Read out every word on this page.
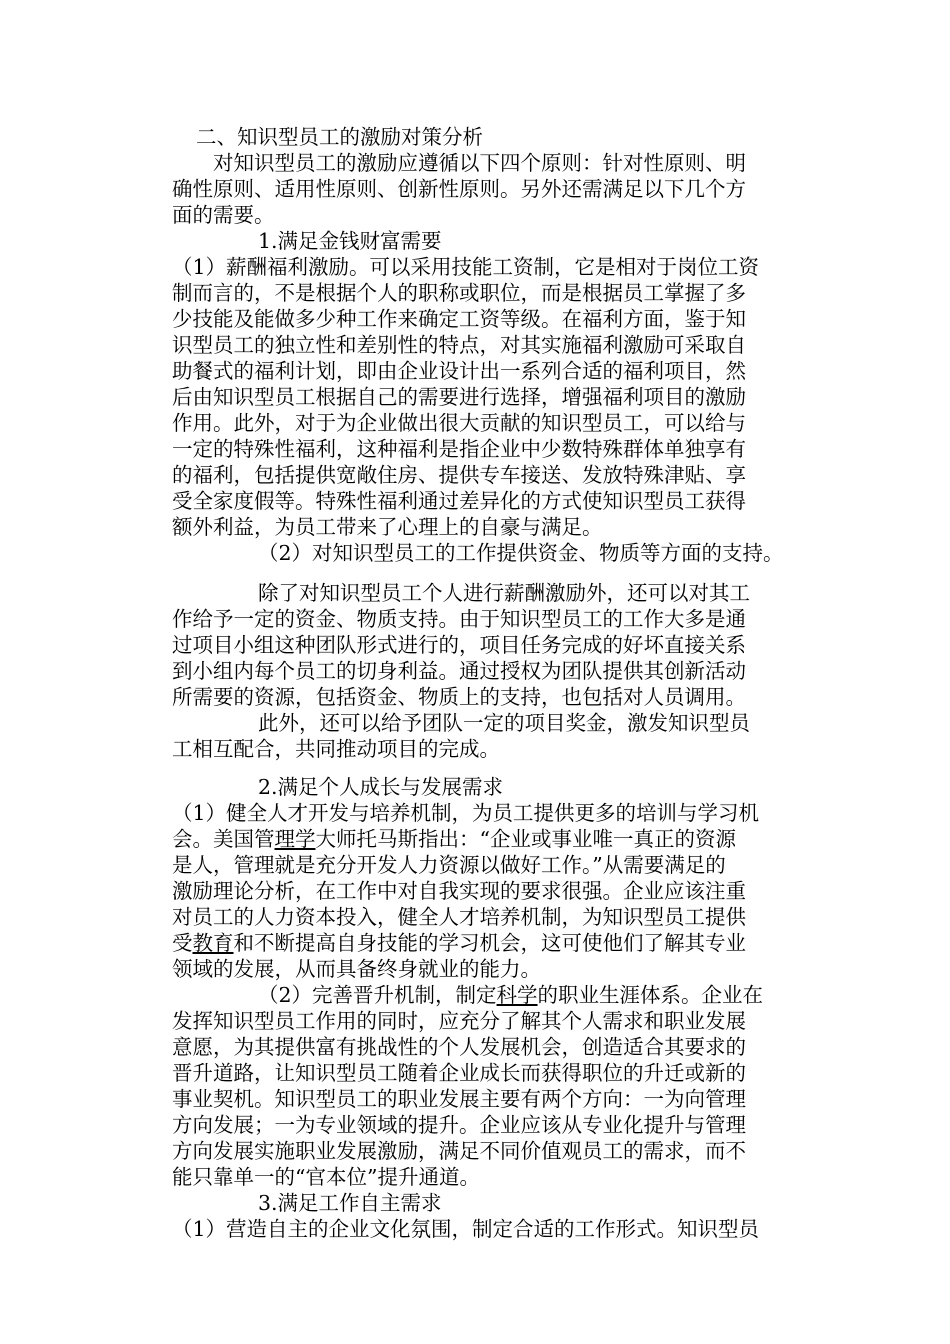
二、知识型员工的激励对策分析
对知识型员工的激励应遵循以下四个原则：针对性原则、明
确性原则、适用性原则、创新性原则。另外还需满足以下几个方
面的需要。
1.满足金钱财富需要
（1）薪酬福利激励。可以采用技能工资制，它是相对于岗位工资
制而言的，不是根据个人的职称或职位，而是根据员工掌握了多
少技能及能做多少种工作来确定工资等级。在福利方面，鉴于知
识型员工的独立性和差别性的特点，对其实施福利激励可采取自
助餐式的福利计划，即由企业设计出一系列合适的福利项目，然
后由知识型员工根据自己的需要进行选择，增强福利项目的激励
作用。此外，对于为企业做出很大贡献的知识型员工，可以给与
一定的特殊性福利，这种福利是指企业中少数特殊群体单独享有
的福利，包括提供宽敞住房、提供专车接送、发放特殊津贴、享
受全家度假等。特殊性福利通过差异化的方式使知识型员工获得
额外利益，为员工带来了心理上的自豪与满足。
（2）对知识型员工的工作提供资金、物质等方面的支持。
除了对知识型员工个人进行薪酬激励外，还可以对其工
作给予一定的资金、物质支持。由于知识型员工的工作大多是通
过项目小组这种团队形式进行的，项目任务完成的好坏直接关系
到小组内每个员工的切身利益。通过授权为团队提供其创新活动
所需要的资源，包括资金、物质上的支持，也包括对人员调用。
此外，还可以给予团队一定的项目奖金，激发知识型员
工相互配合，共同推动项目的完成。
2.满足个人成长与发展需求
（1）健全人才开发与培养机制，为员工提供更多的培训与学习机
会。美国管理学大师托马斯指出：“企业或事业唯一真正的资源
是人，管理就是充分开发人力资源以做好工作。”从需要满足的
激励理论分析，在工作中对自我实现的要求很强。企业应该注重
对员工的人力资本投入，健全人才培养机制，为知识型员工提供
受教育和不断提高自身技能的学习机会，这可使他们了解其专业
领域的发展，从而具备终身就业的能力。
（2）完善晋升机制，制定科学的职业生涯体系。企业在
发挥知识型员工作用的同时，应充分了解其个人需求和职业发展
意愿，为其提供富有挑战性的个人发展机会，创造适合其要求的
晋升道路，让知识型员工随着企业成长而获得职位的升迁或新的
事业契机。知识型员工的职业发展主要有两个方向：一为向管理
方向发展；一为专业领域的提升。企业应该从专业化提升与管理
方向发展实施职业发展激励，满足不同价值观员工的需求，而不
能只靠单一的“官本位”提升通道。
3.满足工作自主需求
（1）营造自主的企业文化氛围，制定合适的工作形式。知识型员
